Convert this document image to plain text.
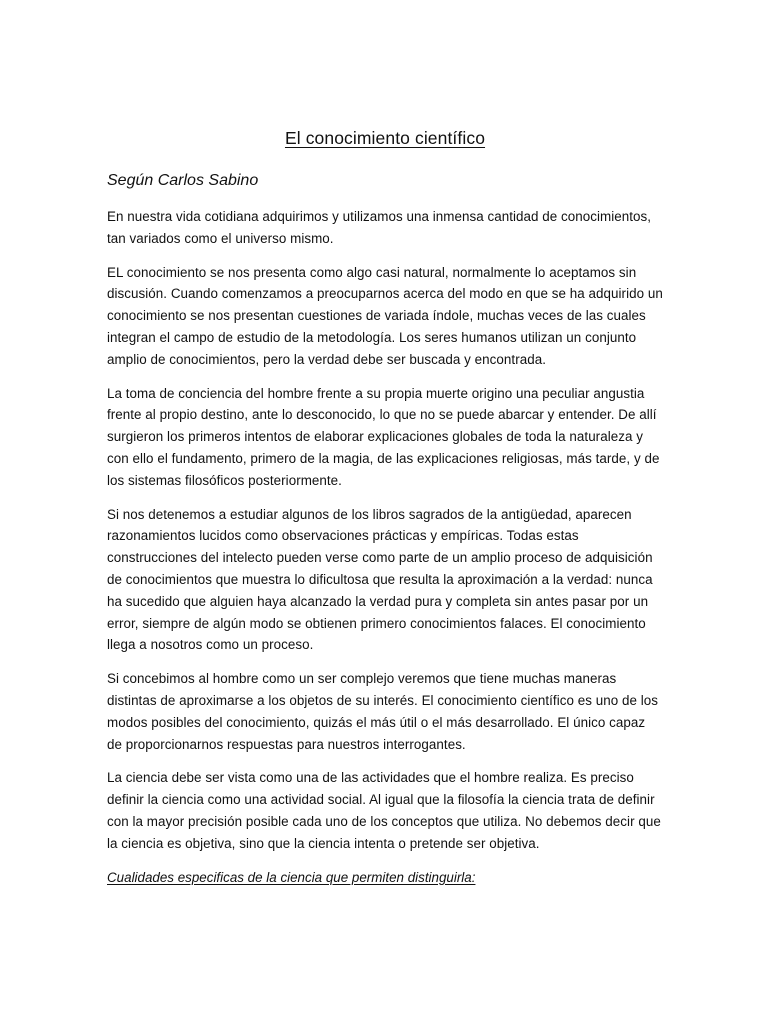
El conocimiento científico

Según Carlos Sabino

En nuestra vida cotidiana adquirimos y utilizamos una inmensa cantidad de conocimientos, tan variados como el universo mismo.

EL conocimiento se nos presenta como algo casi natural, normalmente lo aceptamos sin discusión. Cuando comenzamos a preocuparnos acerca del modo en que se ha adquirido un conocimiento se nos presentan cuestiones de variada índole, muchas veces de las cuales integran el campo de estudio de la metodología. Los seres humanos utilizan un conjunto amplio de conocimientos, pero la verdad debe ser buscada y encontrada.

La toma de conciencia del hombre frente a su propia muerte origino una peculiar angustia frente al propio destino, ante lo desconocido, lo que no se puede abarcar y entender. De allí surgieron los primeros intentos de elaborar explicaciones globales de toda la naturaleza y con ello el fundamento, primero de la magia, de las explicaciones religiosas, más tarde, y de los sistemas filosóficos posteriormente.

Si nos detenemos a estudiar algunos de los libros sagrados de la antigüedad, aparecen razonamientos lucidos como observaciones prácticas y empíricas. Todas estas construcciones del intelecto pueden verse como parte de un amplio proceso de adquisición de conocimientos que muestra lo dificultosa que resulta la aproximación a la verdad: nunca ha sucedido que alguien haya alcanzado la verdad pura y completa sin antes pasar por un error, siempre de algún modo se obtienen primero conocimientos falaces. El conocimiento llega a nosotros como un proceso.

Si concebimos al hombre como un ser complejo veremos que tiene muchas maneras distintas de aproximarse a los objetos de su interés. El conocimiento científico es uno de los modos posibles del conocimiento, quizás el más útil o el más desarrollado. El único capaz de proporcionarnos respuestas para nuestros interrogantes.

La ciencia debe ser vista como una de las actividades que el hombre realiza. Es preciso definir la ciencia como una actividad social. Al igual que la filosofía la ciencia trata de definir con la mayor precisión posible cada uno de los conceptos que utiliza. No debemos decir que la ciencia es objetiva, sino que la ciencia intenta o pretende ser objetiva.

Cualidades especificas de la ciencia que permiten distinguirla:
